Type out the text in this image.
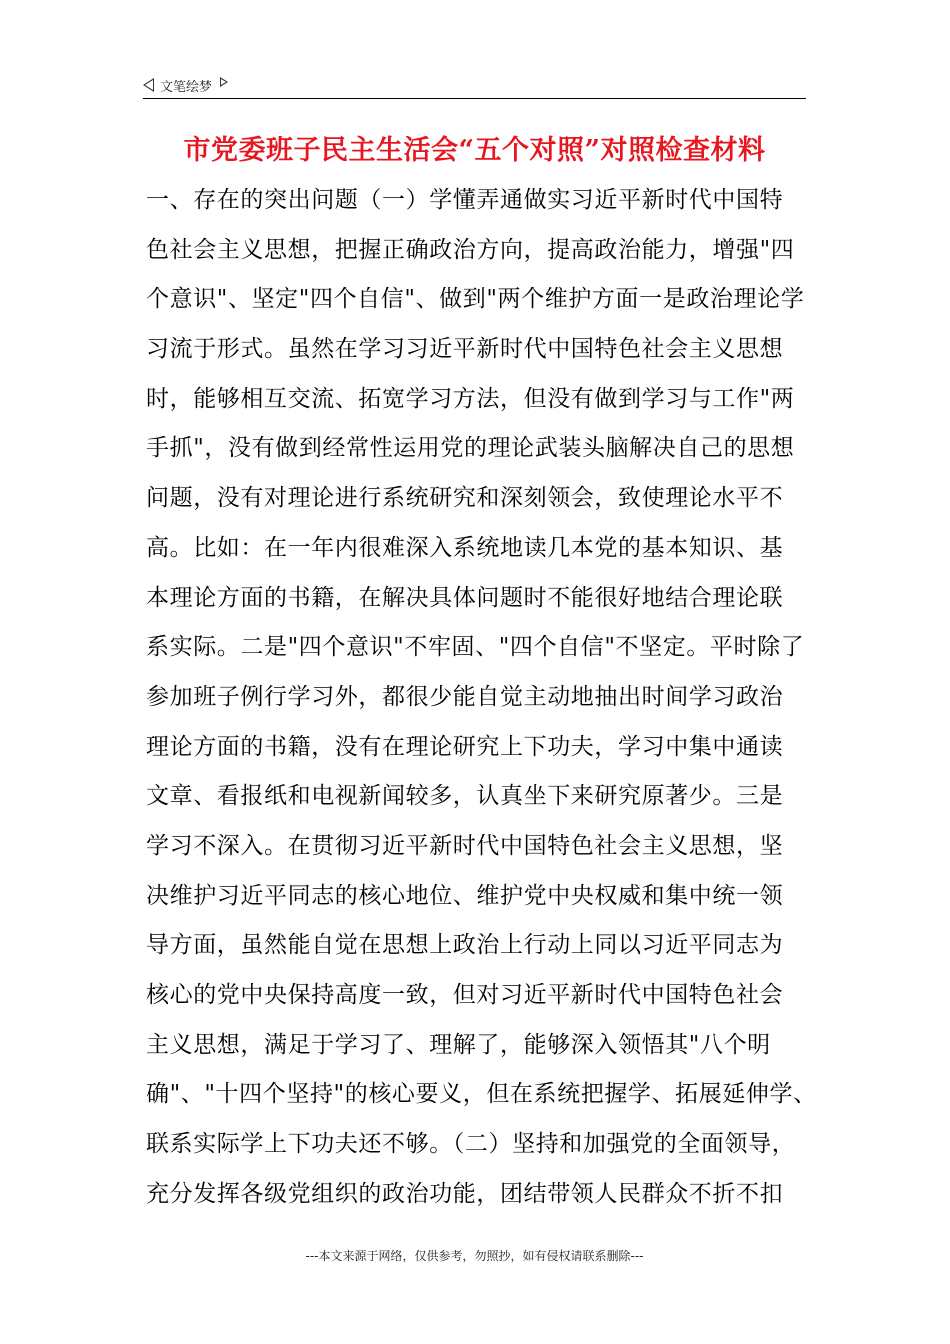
文笔绘梦
市党委班子民主生活会“五个对照”对照检查材料
一、存在的突出问题（一）学懂弄通做实习近平新时代中国特
色社会主义思想，把握正确政治方向，提高政治能力，增强"四
个意识"、坚定"四个自信"、做到"两个维护方面一是政治理论学
习流于形式。虽然在学习习近平新时代中国特色社会主义思想
时，能够相互交流、拓宽学习方法，但没有做到学习与工作"两
手抓"，没有做到经常性运用党的理论武装头脑解决自己的思想
问题，没有对理论进行系统研究和深刻领会，致使理论水平不
高。比如：在一年内很难深入系统地读几本党的基本知识、基
本理论方面的书籍，在解决具体问题时不能很好地结合理论联
系实际。二是"四个意识"不牢固、"四个自信"不坚定。平时除了
参加班子例行学习外，都很少能自觉主动地抽出时间学习政治
理论方面的书籍，没有在理论研究上下功夫，学习中集中通读
文章、看报纸和电视新闻较多，认真坐下来研究原著少。三是
学习不深入。在贯彻习近平新时代中国特色社会主义思想，坚
决维护习近平同志的核心地位、维护党中央权威和集中统一领
导方面，虽然能自觉在思想上政治上行动上同以习近平同志为
核心的党中央保持高度一致，但对习近平新时代中国特色社会
主义思想，满足于学习了、理解了，能够深入领悟其"八个明
确"、"十四个坚持"的核心要义，但在系统把握学、拓展延伸学、
联系实际学上下功夫还不够。（二）坚持和加强党的全面领导，
充分发挥各级党组织的政治功能，团结带领人民群众不折不扣
---本文来源于网络，仅供参考，勿照抄，如有侵权请联系删除---
